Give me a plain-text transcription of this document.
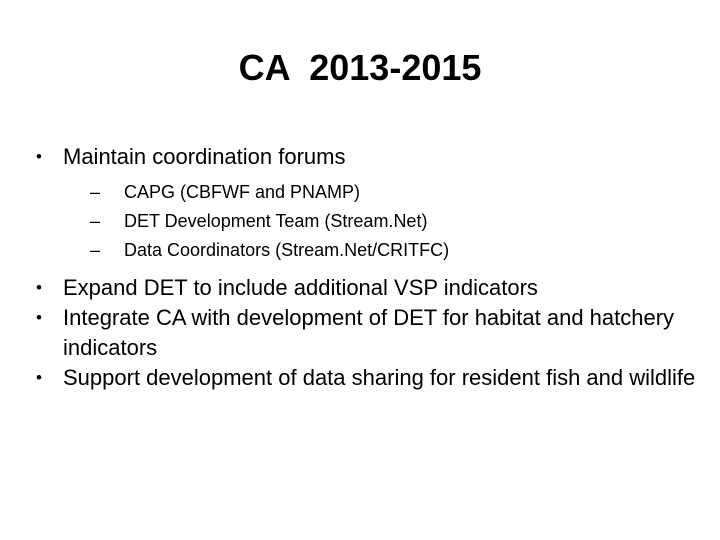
CA  2013-2015
• Maintain coordination forums
– CAPG (CBFWF and PNAMP)
– DET Development Team (Stream.Net)
– Data Coordinators (Stream.Net/CRITFC)
• Expand DET to include additional VSP indicators
• Integrate CA with development of DET for habitat and hatchery indicators
• Support development of data sharing for resident fish and wildlife
